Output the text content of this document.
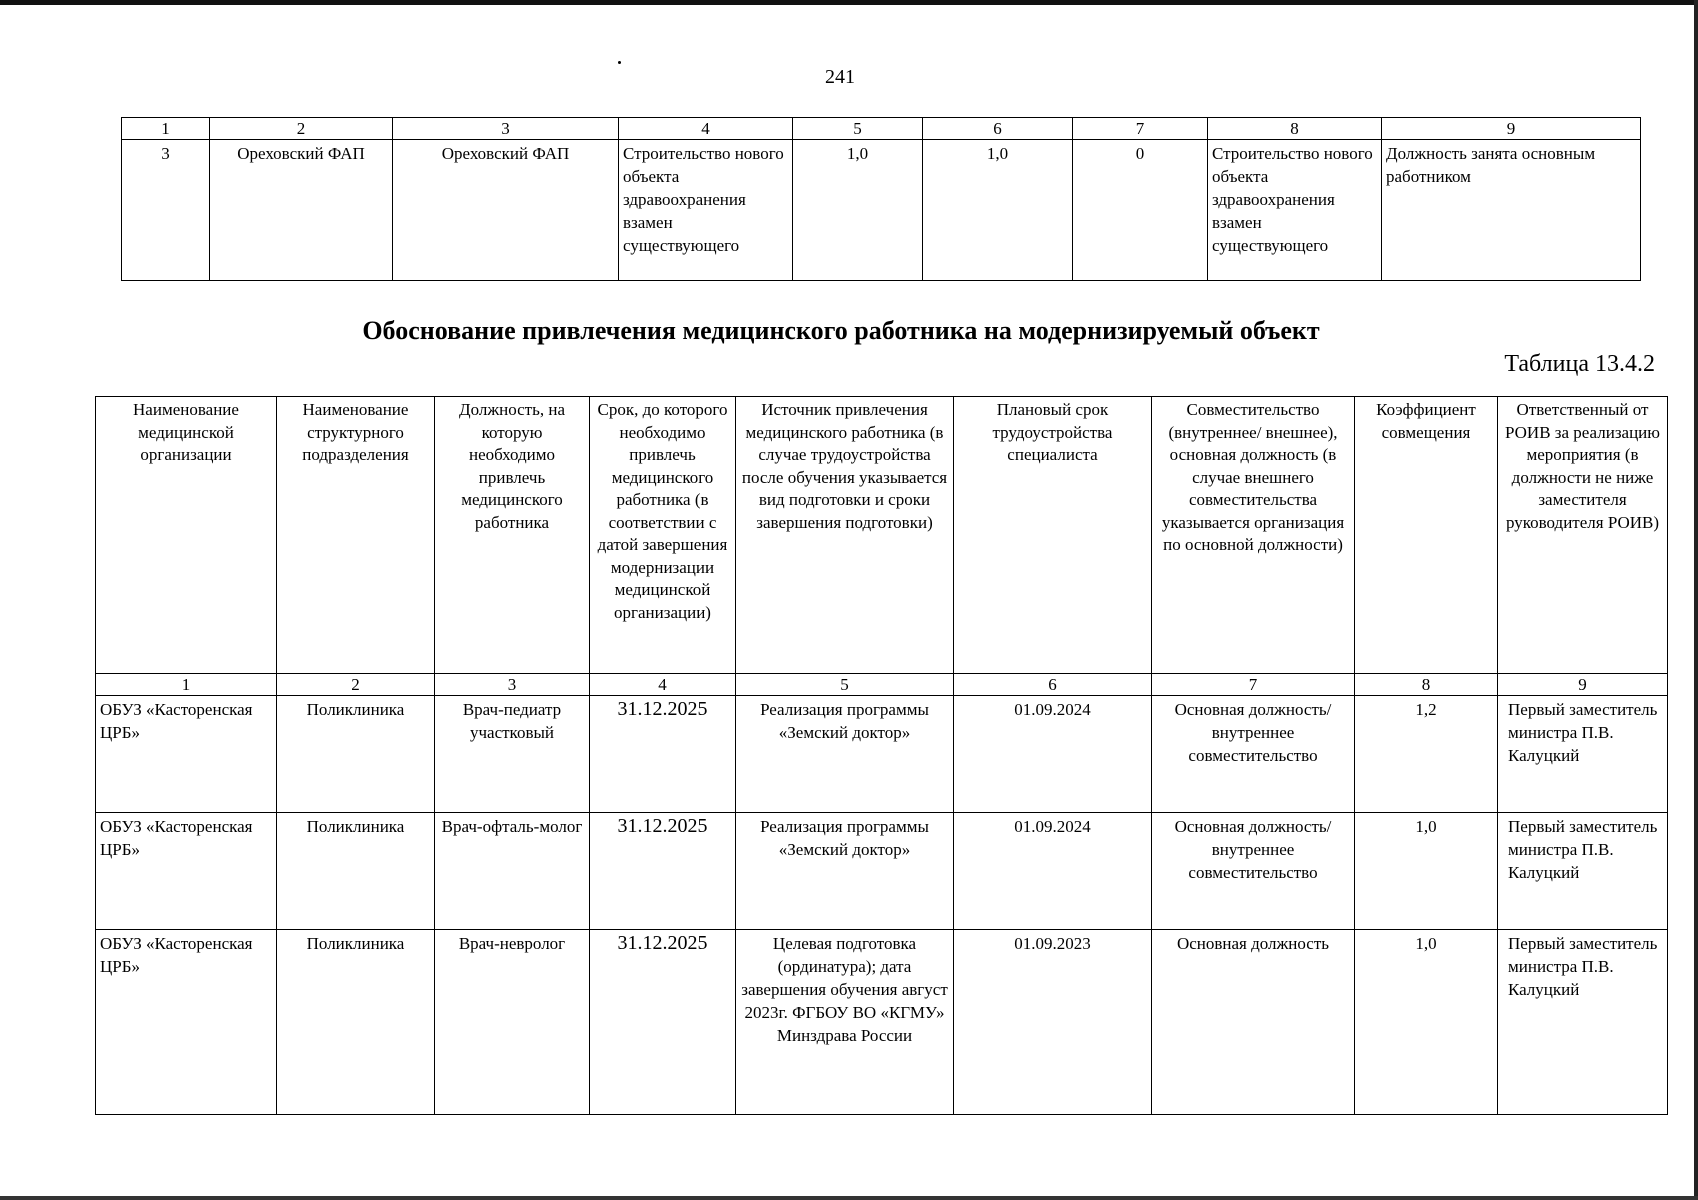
241
1	2	3	4	5	6	7	8	9
3	Ореховский ФАП	Ореховский ФАП	Строительство нового объекта здравоохранения взамен существующего	1,0	1,0	0	Строительство нового объекта здравоохранения взамен существующего	Должность занята основным работником
Обоснование привлечения медицинского работника на модернизируемый объект
Таблица 13.4.2
Наименование медицинской организации	Наименование структурного подразделения	Должность, на которую необходимо привлечь медицинского работника	Срок, до которого необходимо привлечь медицинского работника (в соответствии с датой завершения модернизации медицинской организации)	Источник привлечения медицинского работника (в случае трудоустройства после обучения указывается вид подготовки и сроки завершения подготовки)	Плановый срок трудоустройства специалиста	Совместительство (внутреннее/ внешнее), основная должность (в случае внешнего совместительства указывается организация по основной должности)	Коэффициент совмещения	Ответственный от РОИВ за реализацию мероприятия (в должности не ниже заместителя руководителя РОИВ)
1	2	3	4	5	6	7	8	9
ОБУЗ «Касторенская ЦРБ»	Поликлиника	Врач-педиатр участковый	31.12.2025	Реализация программы «Земский доктор»	01.09.2024	Основная должность/ внутреннее совместительство	1,2	Первый заместитель министра П.В. Калуцкий
ОБУЗ «Касторенская ЦРБ»	Поликлиника	Врач-офталь-молог	31.12.2025	Реализация программы «Земский доктор»	01.09.2024	Основная должность/ внутреннее совместительство	1,0	Первый заместитель министра П.В. Калуцкий
ОБУЗ «Касторенская ЦРБ»	Поликлиника	Врач-невролог	31.12.2025	Целевая подготовка (ординатура); дата завершения обучения август 2023г. ФГБОУ ВО «КГМУ» Минздрава России	01.09.2023	Основная должность	1,0	Первый заместитель министра П.В. Калуцкий
